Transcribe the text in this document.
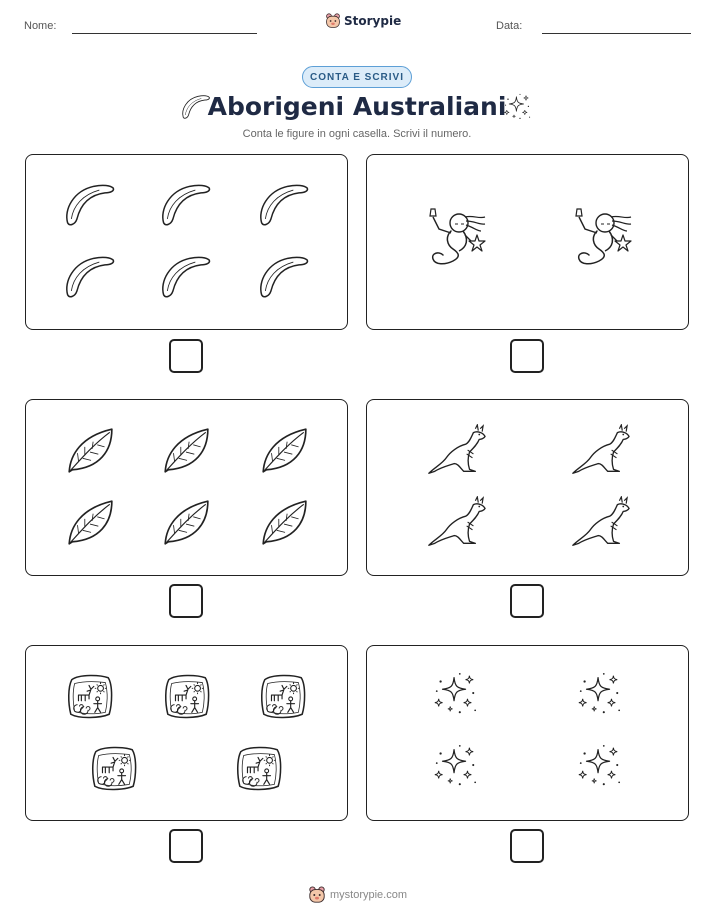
Nome:	Storypie	Data:
CONTA E SCRIVI
Aborigeni Australiani
Conta le figure in ogni casella. Scrivi il numero.
mystorypie.com
